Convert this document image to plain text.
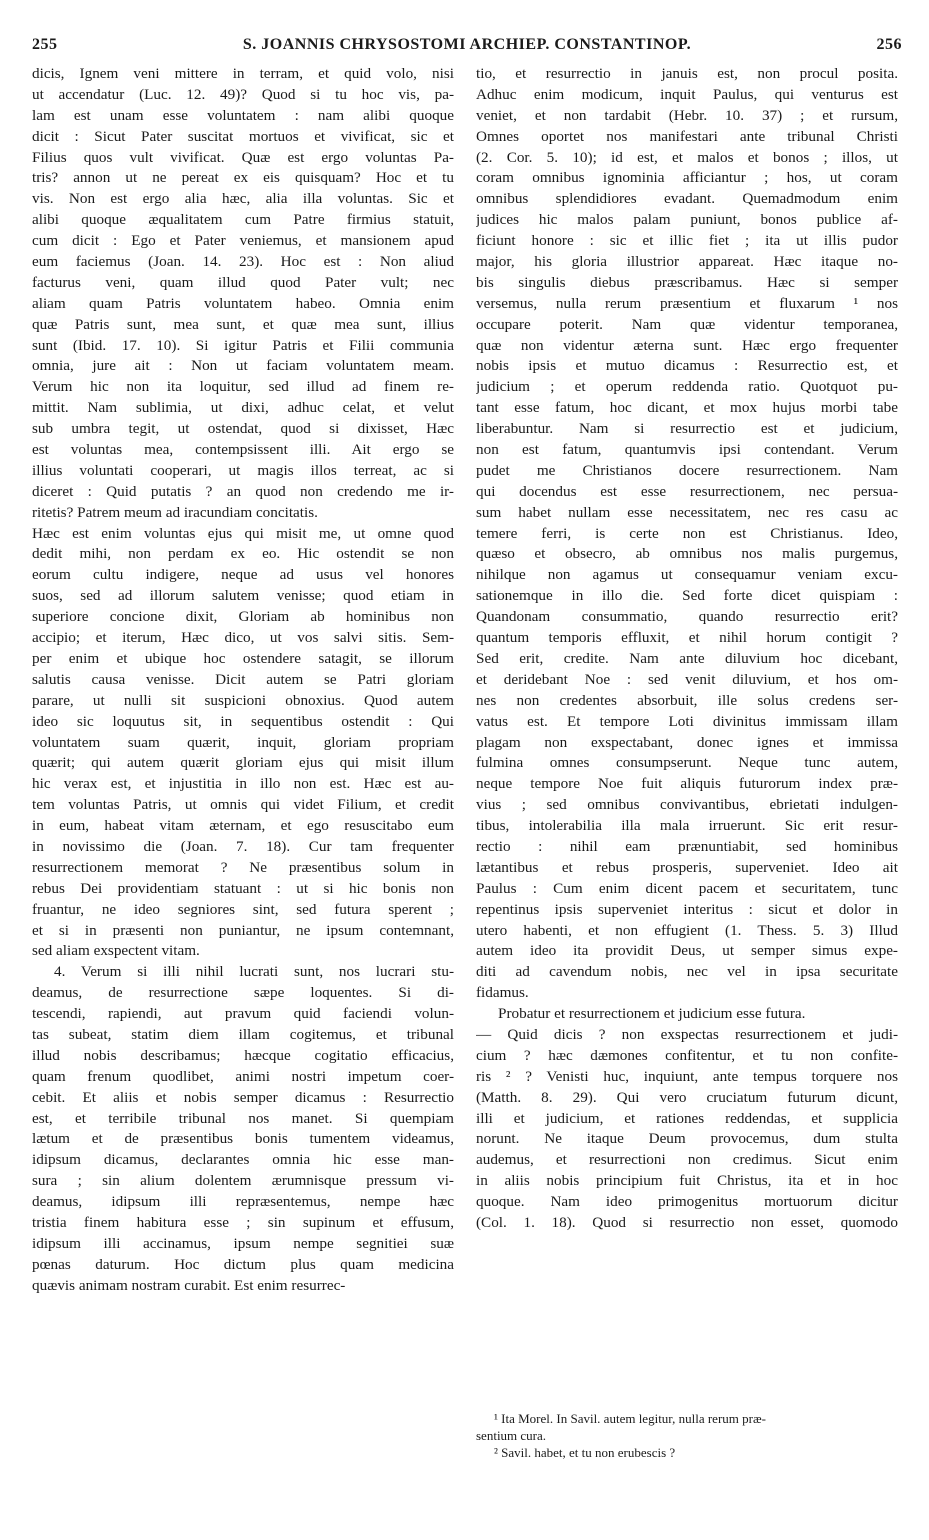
255	S. JOANNIS CHRYSOSTOMI ARCHIEP. CONSTANTINOP.	256
dicis, Ignem veni mittere in terram, et quid volo, nisi
ut accendatur (Luc. 12. 49)? Quod si tu hoc vis, pa-
lam est unam esse voluntatem : nam alibi quoque
dicit : Sicut Pater suscitat mortuos et vivificat, sic et
Filius quos vult vivificat. Quæ est ergo voluntas Pa-
tris? annon ut ne pereat ex eis quisquam? Hoc et tu
vis. Non est ergo alia hæc, alia illa voluntas. Sic et
alibi quoque æqualitatem cum Patre firmius statuit,
cum dicit : Ego et Pater veniemus, et mansionem apud
eum faciemus (Joan. 14. 23). Hoc est : Non aliud
facturus veni, quam illud quod Pater vult; nec
aliam quam Patris voluntatem habeo. Omnia enim
quæ Patris sunt, mea sunt, et quæ mea sunt, illius
sunt (Ibid. 17. 10). Si igitur Patris et Filii communia
omnia, jure ait : Non ut faciam voluntatem meam.
Verum hic non ita loquitur, sed illud ad finem re-
mittit. Nam sublimia, ut dixi, adhuc celat, et velut
sub umbra tegit, ut ostendat, quod si dixisset, Hæc
est voluntas mea, contempsissent illi. Ait ergo se
illius voluntati cooperari, ut magis illos terreat, ac si
diceret : Quid putatis ? an quod non credendo me ir-
ritetis? Patrem meum ad iracundiam concitatis.
Hæc est enim voluntas ejus qui misit me, ut omne quod
dedit mihi, non perdam ex eo. Hic ostendit se non
eorum cultu indigere, neque ad usus vel honores
suos, sed ad illorum salutem venisse; quod etiam in
superiore concione dixit, Gloriam ab hominibus non
accipio; et iterum, Hæc dico, ut vos salvi sitis. Sem-
per enim et ubique hoc ostendere satagit, se illorum
salutis causa venisse. Dicit autem se Patri gloriam
parare, ut nulli sit suspicioni obnoxius. Quod autem
ideo sic loquutus sit, in sequentibus ostendit : Qui
voluntatem suam quærit, inquit, gloriam propriam
quærit; qui autem quærit gloriam ejus qui misit illum
hic verax est, et injustitia in illo non est. Hæc est au-
tem voluntas Patris, ut omnis qui videt Filium, et credit
in eum, habeat vitam æternam, et ego resuscitabo eum
in novissimo die (Joan. 7. 18). Cur tam frequenter
resurrectionem memorat ? Ne præsentibus solum in
rebus Dei providentiam statuant : ut si hic bonis non
fruantur, ne ideo segniores sint, sed futura sperent ;
et si in præsenti non puniantur, ne ipsum contemnant,
sed aliam exspectent vitam.
4. Verum si illi nihil lucrati sunt, nos lucrari stu-
deamus, de resurrectione sæpe loquentes. Si di-
tescendi, rapiendi, aut pravum quid faciendi volun-
tas subeat, statim diem illam cogitemus, et tribunal
illud nobis describamus; hæcque cogitatio efficacius,
quam frenum quodlibet, animi nostri impetum coer-
cebit. Et aliis et nobis semper dicamus : Resurrectio
est, et terribile tribunal nos manet. Si quempiam
lætum et de præsentibus bonis tumentem videamus,
idipsum dicamus, declarantes omnia hic esse man-
sura ; sin alium dolentem ærumnisque pressum vi-
deamus, idipsum illi repræsentemus, nempe hæc
tristia finem habitura esse ; sin supinum et effusum,
idipsum illi accinamus, ipsum nempe segnitiei suæ
pœnas daturum. Hoc dictum plus quam medicina
quævis animam nostram curabit. Est enim resurrec-
tio, et resurrectio in januis est, non procul posita.
Adhuc enim modicum, inquit Paulus, qui venturus est
veniet, et non tardabit (Hebr. 10. 37) ; et rursum,
Omnes oportet nos manifestari ante tribunal Christi
(2. Cor. 5. 10); id est, et malos et bonos ; illos, ut
coram omnibus ignominia afficiantur ; hos, ut coram
omnibus splendidiores evadant. Quemadmodum enim
judices hic malos palam puniunt, bonos publice af-
ficiunt honore : sic et illic fiet ; ita ut illis pudor
major, his gloria illustrior appareat. Hæc itaque no-
bis singulis diebus præscribamus. Hæc si semper
versemus, nulla rerum præsentium et fluxarum ¹ nos
occupare poterit. Nam quæ videntur temporanea,
quæ non videntur æterna sunt. Hæc ergo frequenter
nobis ipsis et mutuo dicamus : Resurrectio est, et
judicium ; et operum reddenda ratio. Quotquot pu-
tant esse fatum, hoc dicant, et mox hujus morbi tabe
liberabuntur. Nam si resurrectio est et judicium,
non est fatum, quantumvis ipsi contendant. Verum
pudet me Christianos docere resurrectionem. Nam
qui docendus est esse resurrectionem, nec persua-
sum habet nullam esse necessitatem, nec res casu ac
temere ferri, is certe non est Christianus. Ideo,
quæso et obsecro, ab omnibus nos malis purgemus,
nihilque non agamus ut consequamur veniam excu-
sationemque in illo die. Sed forte dicet quispiam :
Quandonam consummatio, quando resurrectio erit?
quantum temporis effluxit, et nihil horum contigit ?
Sed erit, credite. Nam ante diluvium hoc dicebant,
et deridebant Noe : sed venit diluvium, et hos om-
nes non credentes absorbuit, ille solus credens ser-
vatus est. Et tempore Loti divinitus immissam illam
plagam non exspectabant, donec ignes et immissa
fulmina omnes consumpserunt. Neque tunc autem,
neque tempore Noe fuit aliquis futurorum index præ-
vius ; sed omnibus convivantibus, ebrietati indulgen-
tibus, intolerabilia illa mala irruerunt. Sic erit resur-
rectio : nihil eam prænuntiabit, sed hominibus
lætantibus et rebus prosperis, superveniet. Ideo ait
Paulus : Cum enim dicent pacem et securitatem, tunc
repentinus ipsis superveniet interitus : sicut et dolor in
utero habenti, et non effugient (1. Thess. 5. 3) Illud
autem ideo ita providit Deus, ut semper simus expe-
diti ad cavendum nobis, nec vel in ipsa securitate
fidamus.
Probatur et resurrectionem et judicium esse futura.
— Quid dicis ? non exspectas resurrectionem et judi-
cium ? hæc dæmones confitentur, et tu non confite-
ris ² ? Venisti huc, inquiunt, ante tempus torquere nos
(Matth. 8. 29). Qui vero cruciatum futurum dicunt,
illi et judicium, et rationes reddendas, et supplicia
norunt. Ne itaque Deum provocemus, dum stulta
audemus, et resurrectioni non credimus. Sicut enim
in aliis nobis principium fuit Christus, ita et in hoc
quoque. Nam ideo primogenitus mortuorum dicitur
(Col. 1. 18). Quod si resurrectio non esset, quomodo
¹ Ita Morel. In Savil. autem legitur, nulla rerum præ-
sentium cura.
² Savil. habet, et tu non erubescis ?
